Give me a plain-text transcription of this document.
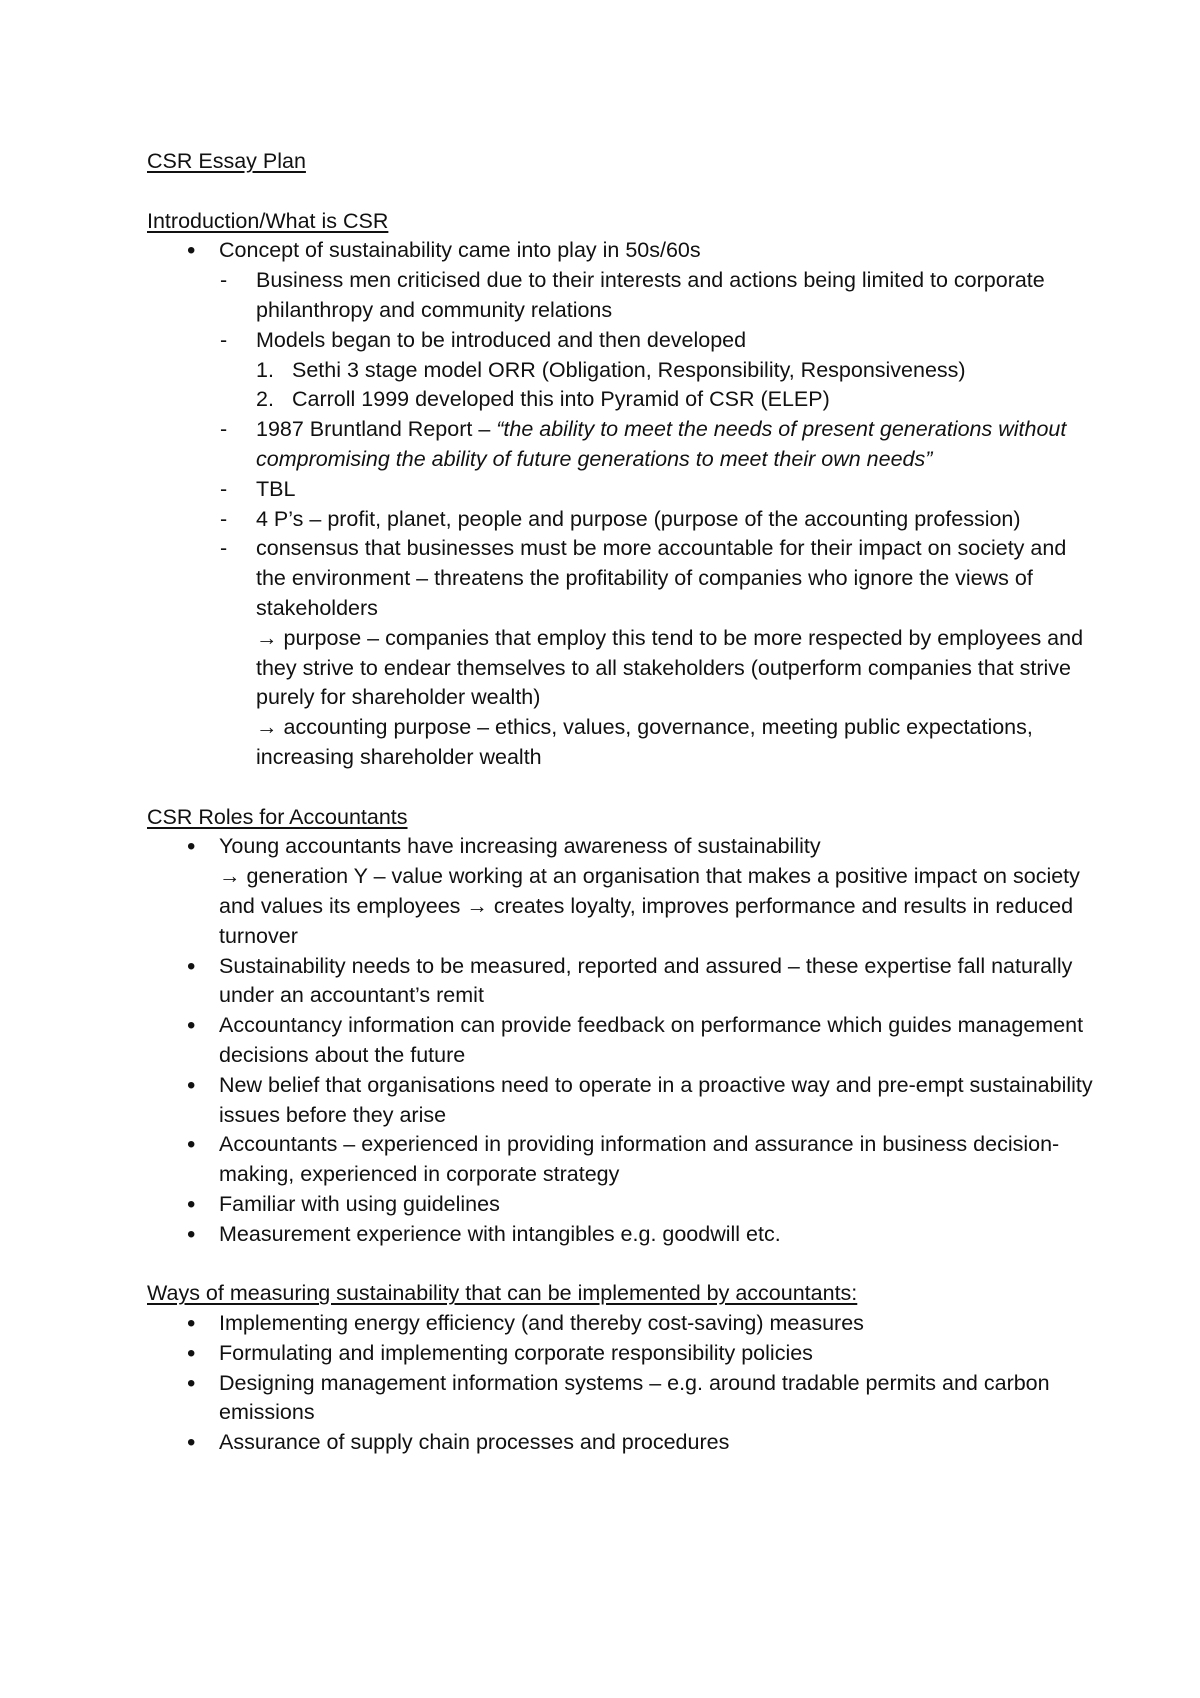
CSR Essay Plan
Introduction/What is CSR
• Concept of sustainability came into play in 50s/60s
- Business men criticised due to their interests and actions being limited to corporate philanthropy and community relations
- Models began to be introduced and then developed
1. Sethi 3 stage model ORR (Obligation, Responsibility, Responsiveness)
2. Carroll 1999 developed this into Pyramid of CSR (ELEP)
- 1987 Bruntland Report – “the ability to meet the needs of present generations without compromising the ability of future generations to meet their own needs”
- TBL
- 4 P’s – profit, planet, people and purpose (purpose of the accounting profession)
- consensus that businesses must be more accountable for their impact on society and the environment – threatens the profitability of companies who ignore the views of stakeholders
→ purpose – companies that employ this tend to be more respected by employees and they strive to endear themselves to all stakeholders (outperform companies that strive purely for shareholder wealth)
→ accounting purpose – ethics, values, governance, meeting public expectations, increasing shareholder wealth
CSR Roles for Accountants
• Young accountants have increasing awareness of sustainability
→ generation Y – value working at an organisation that makes a positive impact on society and values its employees → creates loyalty, improves performance and results in reduced turnover
• Sustainability needs to be measured, reported and assured – these expertise fall naturally under an accountant’s remit
• Accountancy information can provide feedback on performance which guides management decisions about the future
• New belief that organisations need to operate in a proactive way and pre-empt sustainability issues before they arise
• Accountants – experienced in providing information and assurance in business decision-making, experienced in corporate strategy
• Familiar with using guidelines
• Measurement experience with intangibles e.g. goodwill etc.
Ways of measuring sustainability that can be implemented by accountants:
• Implementing energy efficiency (and thereby cost-saving) measures
• Formulating and implementing corporate responsibility policies
• Designing management information systems – e.g. around tradable permits and carbon emissions
• Assurance of supply chain processes and procedures
